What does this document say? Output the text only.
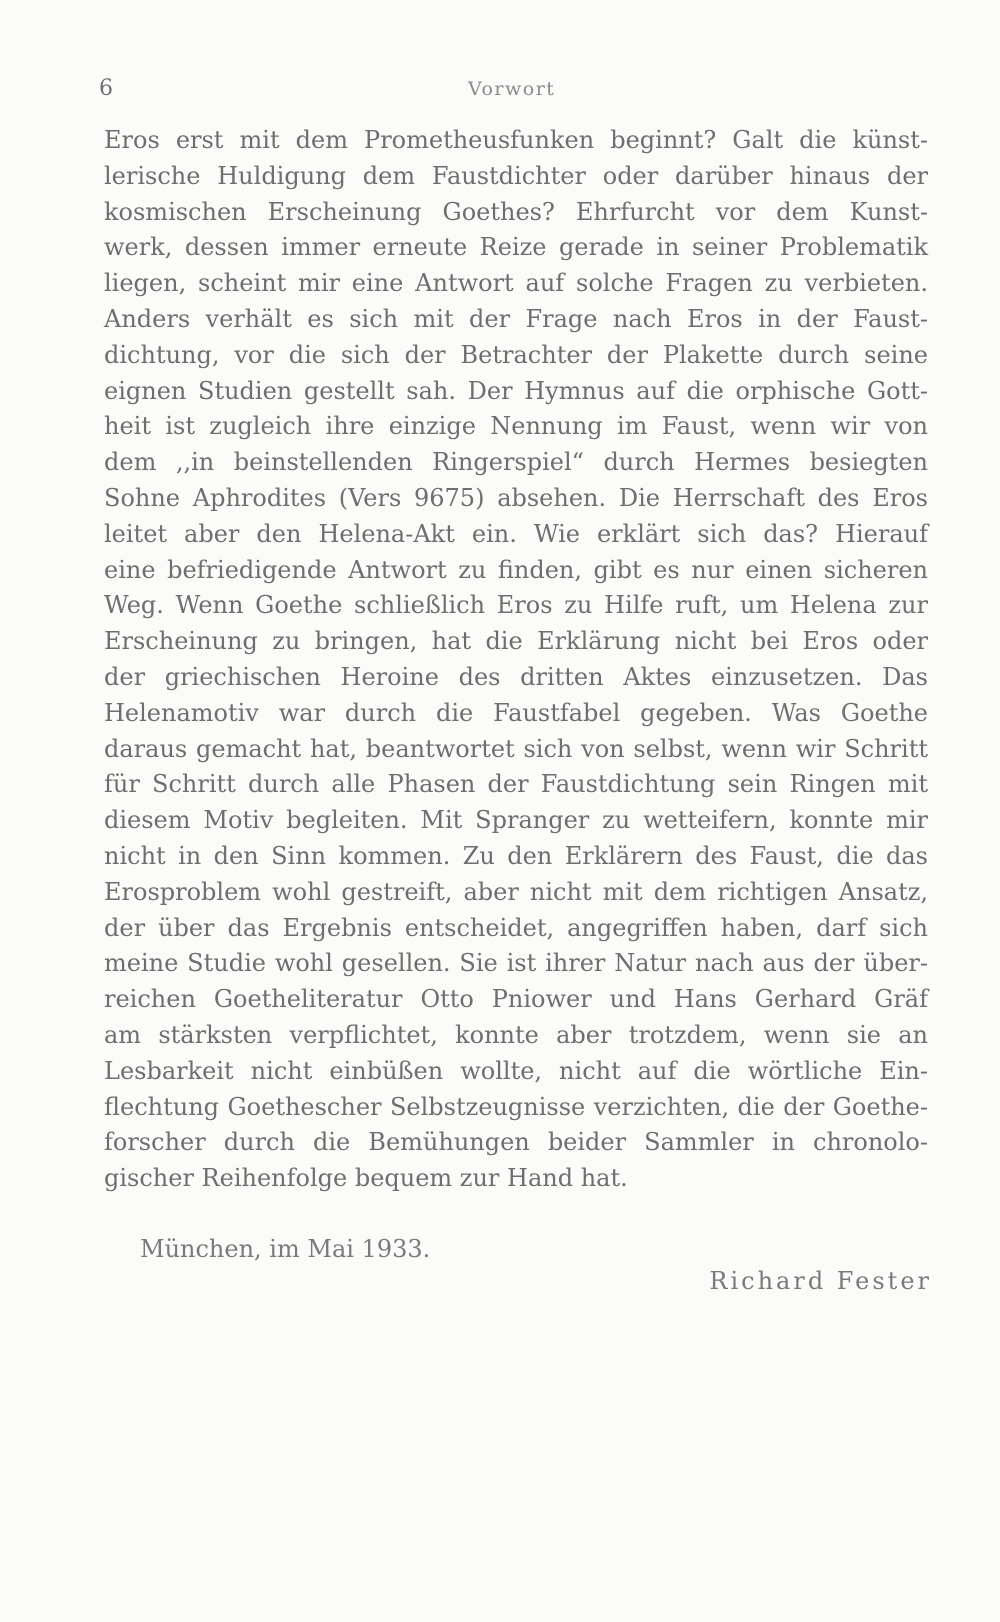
6	Vorwort
Eros erst mit dem Prometheusfunken beginnt? Galt die künst-
lerische Huldigung dem Faustdichter oder darüber hinaus der
kosmischen Erscheinung Goethes? Ehrfurcht vor dem Kunst-
werk, dessen immer erneute Reize gerade in seiner Problematik
liegen, scheint mir eine Antwort auf solche Fragen zu verbieten.
Anders verhält es sich mit der Frage nach Eros in der Faust-
dichtung, vor die sich der Betrachter der Plakette durch seine
eignen Studien gestellt sah. Der Hymnus auf die orphische Gott-
heit ist zugleich ihre einzige Nennung im Faust, wenn wir von
dem ,,in beinstellenden Ringerspiel“ durch Hermes besiegten
Sohne Aphrodites (Vers 9675) absehen. Die Herrschaft des Eros
leitet aber den Helena-Akt ein. Wie erklärt sich das? Hierauf
eine befriedigende Antwort zu finden, gibt es nur einen sicheren
Weg. Wenn Goethe schließlich Eros zu Hilfe ruft, um Helena zur
Erscheinung zu bringen, hat die Erklärung nicht bei Eros oder
der griechischen Heroine des dritten Aktes einzusetzen. Das
Helenamotiv war durch die Faustfabel gegeben. Was Goethe
daraus gemacht hat, beantwortet sich von selbst, wenn wir Schritt
für Schritt durch alle Phasen der Faustdichtung sein Ringen mit
diesem Motiv begleiten. Mit Spranger zu wetteifern, konnte mir
nicht in den Sinn kommen. Zu den Erklärern des Faust, die das
Erosproblem wohl gestreift, aber nicht mit dem richtigen Ansatz,
der über das Ergebnis entscheidet, angegriffen haben, darf sich
meine Studie wohl gesellen. Sie ist ihrer Natur nach aus der über-
reichen Goetheliteratur Otto Pniower und Hans Gerhard Gräf
am stärksten verpflichtet, konnte aber trotzdem, wenn sie an
Lesbarkeit nicht einbüßen wollte, nicht auf die wörtliche Ein-
flechtung Goethescher Selbstzeugnisse verzichten, die der Goethe-
forscher durch die Bemühungen beider Sammler in chronolo-
gischer Reihenfolge bequem zur Hand hat.
München, im Mai 1933.
Richard Fester
